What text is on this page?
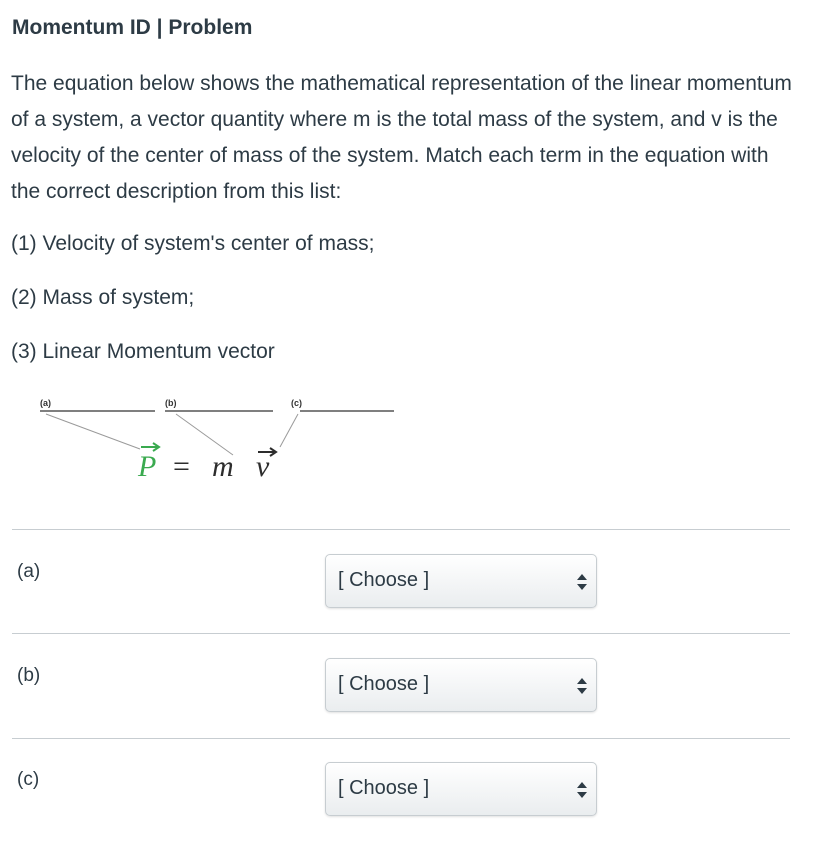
Momentum ID | Problem
The equation below shows the mathematical representation of the linear momentum of a system, a vector quantity where m is the total mass of the system, and v is the velocity of the center of mass of the system. Match each term in the equation with the correct description from this list:
(1) Velocity of system's center of mass;
(2) Mass of system;
(3) Linear Momentum vector
(a)	(b)	(c)
P = m v
(a)	[ Choose ]
(b)	[ Choose ]
(c)	[ Choose ]
